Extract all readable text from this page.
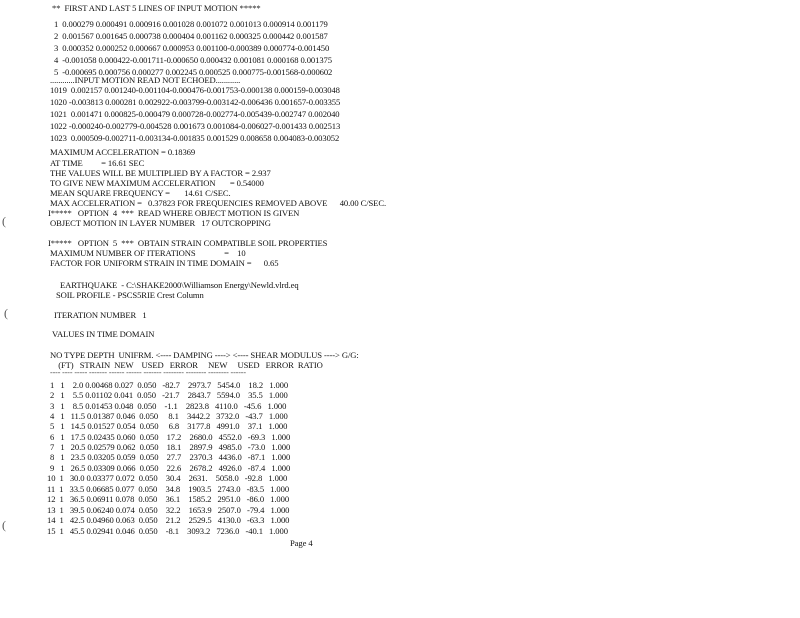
**  FIRST AND LAST 5 LINES OF INPUT MOTION *****
1  0.000279 0.000491 0.000916 0.001028 0.001072 0.001013 0.000914 0.001179
2  0.001567 0.001645 0.000738 0.000404 0.001162 0.000325 0.000442 0.001587
3  0.000352 0.000252 0.000667 0.000953 0.001100-0.000389 0.000774-0.001450
4  -0.001058 0.000422-0.001711-0.000650 0.000432 0.001081 0.000168 0.001375
5  -0.000695 0.000756 0.000277 0.002245 0.000525 0.000775-0.001568-0.000602
............INPUT MOTION READ NOT ECHOED............
1019  0.002157 0.001240-0.001104-0.000476-0.001753-0.000138 0.000159-0.003048
1020 -0.003813 0.000281 0.002922-0.003799-0.003142-0.006436 0.001657-0.003355
1021  0.001471 0.000825-0.000479 0.000728-0.002774-0.005439-0.002747 0.002040
1022 -0.000240-0.002779-0.004528 0.001673 0.001084-0.006027-0.001433 0.002513
1023  0.000509-0.002711-0.003134-0.001835 0.001529 0.008658 0.004083-0.003052
MAXIMUM ACCELERATION = 0.18369
AT TIME         = 16.61 SEC
THE VALUES WILL BE MULTIPLIED BY A FACTOR = 2.937
TO GIVE NEW MAXIMUM ACCELERATION       = 0.54000
MEAN SQUARE FREQUENCY =       14.61 C/SEC.
MAX ACCELERATION =   0.37823 FOR FREQUENCIES REMOVED ABOVE      40.00 C/SEC.
I*****   OPTION  4  ***  READ WHERE OBJECT MOTION IS GIVEN
OBJECT MOTION IN LAYER NUMBER   17 OUTCROPPING
I*****   OPTION  5  ***  OBTAIN STRAIN COMPATIBLE SOIL PROPERTIES
MAXIMUM NUMBER OF ITERATIONS              =    10
FACTOR FOR UNIFORM STRAIN IN TIME DOMAIN =      0.65
EARTHQUAKE  - C:\SHAKE2000\Williamson Energy\Newld.vlrd.eq
SOIL PROFILE - PSCS5RIE Crest Column
ITERATION NUMBER   1
VALUES IN TIME DOMAIN
NO TYPE DEPTH  UNIFRM. <---- DAMPING ----> <---- SHEAR MODULUS ----> G/G:
(FT)   STRAIN  NEW    USED   ERROR     NEW     USED   ERROR  RATIO
---- ---- ----- ------- ------ ------ ------- -------- -------- -------- ------
1   1    2.0 0.00468 0.027  0.050   -82.7    2973.7   5454.0    18.2   1.000
2   1    5.5 0.01102 0.041  0.050   -21.7    2843.7   5594.0    35.5   1.000
3   1    8.5 0.01453 0.048  0.050    -1.1    2823.8   4110.0   -45.6   1.000
4   1   11.5 0.01387 0.046  0.050     8.1    3442.2   3732.0   -43.7   1.000
5   1   14.5 0.01527 0.054  0.050     6.8    3177.8   4991.0    37.1   1.000
6   1   17.5 0.02435 0.060  0.050    17.2    2680.0   4552.0   -69.3   1.000
7   1   20.5 0.02579 0.062  0.050    18.1    2897.9   4985.0   -73.0   1.000
8   1   23.5 0.03205 0.059  0.050    27.7    2370.3   4436.0   -87.1   1.000
9   1   26.5 0.03309 0.066  0.050    22.6    2678.2   4926.0   -87.4   1.000
10  1   30.0 0.03377 0.072  0.050    30.4    2631.    5058.0   -92.8   1.000
11  1   33.5 0.06685 0.077  0.050    34.8    1903.5   2743.0   -83.5   1.000
12  1   36.5 0.06911 0.078  0.050    36.1    1585.2   2951.0   -86.0   1.000
13  1   39.5 0.06240 0.074  0.050    32.2    1653.9   2507.0   -79.4   1.000
14  1   42.5 0.04960 0.063  0.050    21.2    2529.5   4130.0   -63.3   1.000
15  1   45.5 0.02941 0.046  0.050    -8.1    3093.2   7236.0   -40.1   1.000
Page 4
(
(
(
